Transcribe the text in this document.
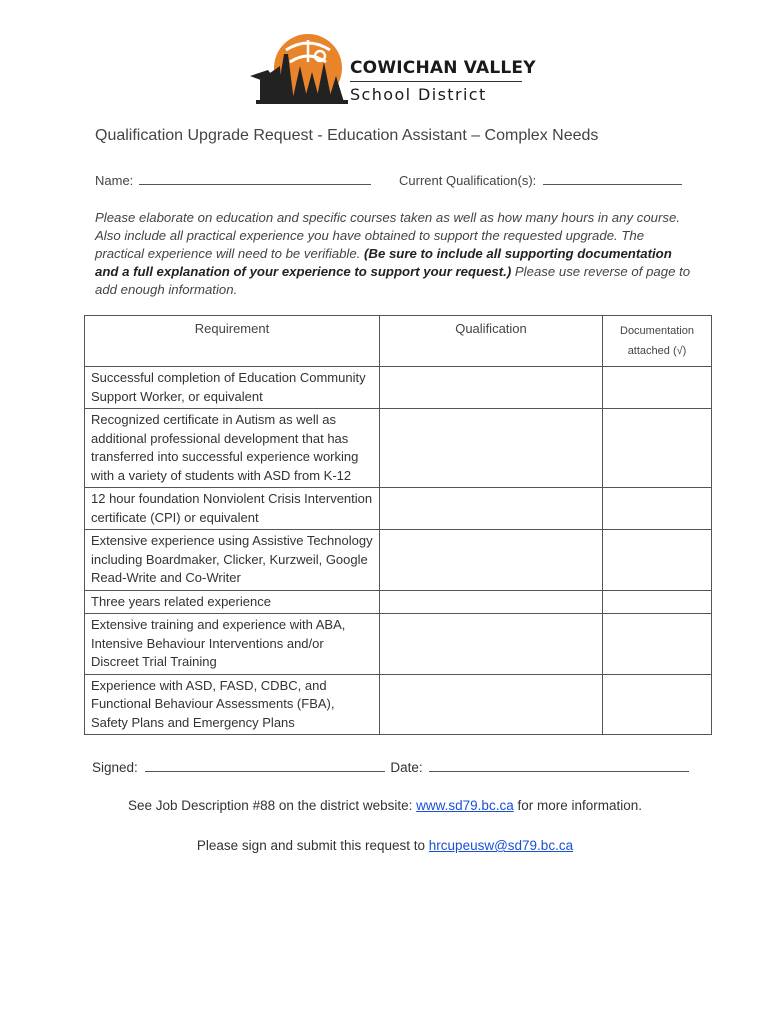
COWICHAN VALLEY
School District
Qualification Upgrade Request - Education Assistant – Complex Needs
Name:	Current Qualification(s):
Please elaborate on education and specific courses taken as well as how many hours in any course. Also include all practical experience you have obtained to support the requested upgrade. The practical experience will need to be verifiable. (Be sure to include all supporting documentation and a full explanation of your experience to support your request.) Please use reverse of page to add enough information.
Requirement	Qualification	Documentation attached (√)
Successful completion of Education Community Support Worker, or equivalent		
Recognized certificate in Autism as well as additional professional development that has transferred into successful experience working with a variety of students with ASD from K-12		
12 hour foundation Nonviolent Crisis Intervention certificate (CPI) or equivalent		
Extensive experience using Assistive Technology including Boardmaker, Clicker, Kurzweil, Google Read-Write and Co-Writer		
Three years related experience		
Extensive training and experience with ABA, Intensive Behaviour Interventions and/or Discreet Trial Training		
Experience with ASD, FASD, CDBC, and Functional Behaviour Assessments (FBA), Safety Plans and Emergency Plans		
Signed:	Date:
See Job Description #88 on the district website: www.sd79.bc.ca for more information.
Please sign and submit this request to hrcupeusw@sd79.bc.ca
